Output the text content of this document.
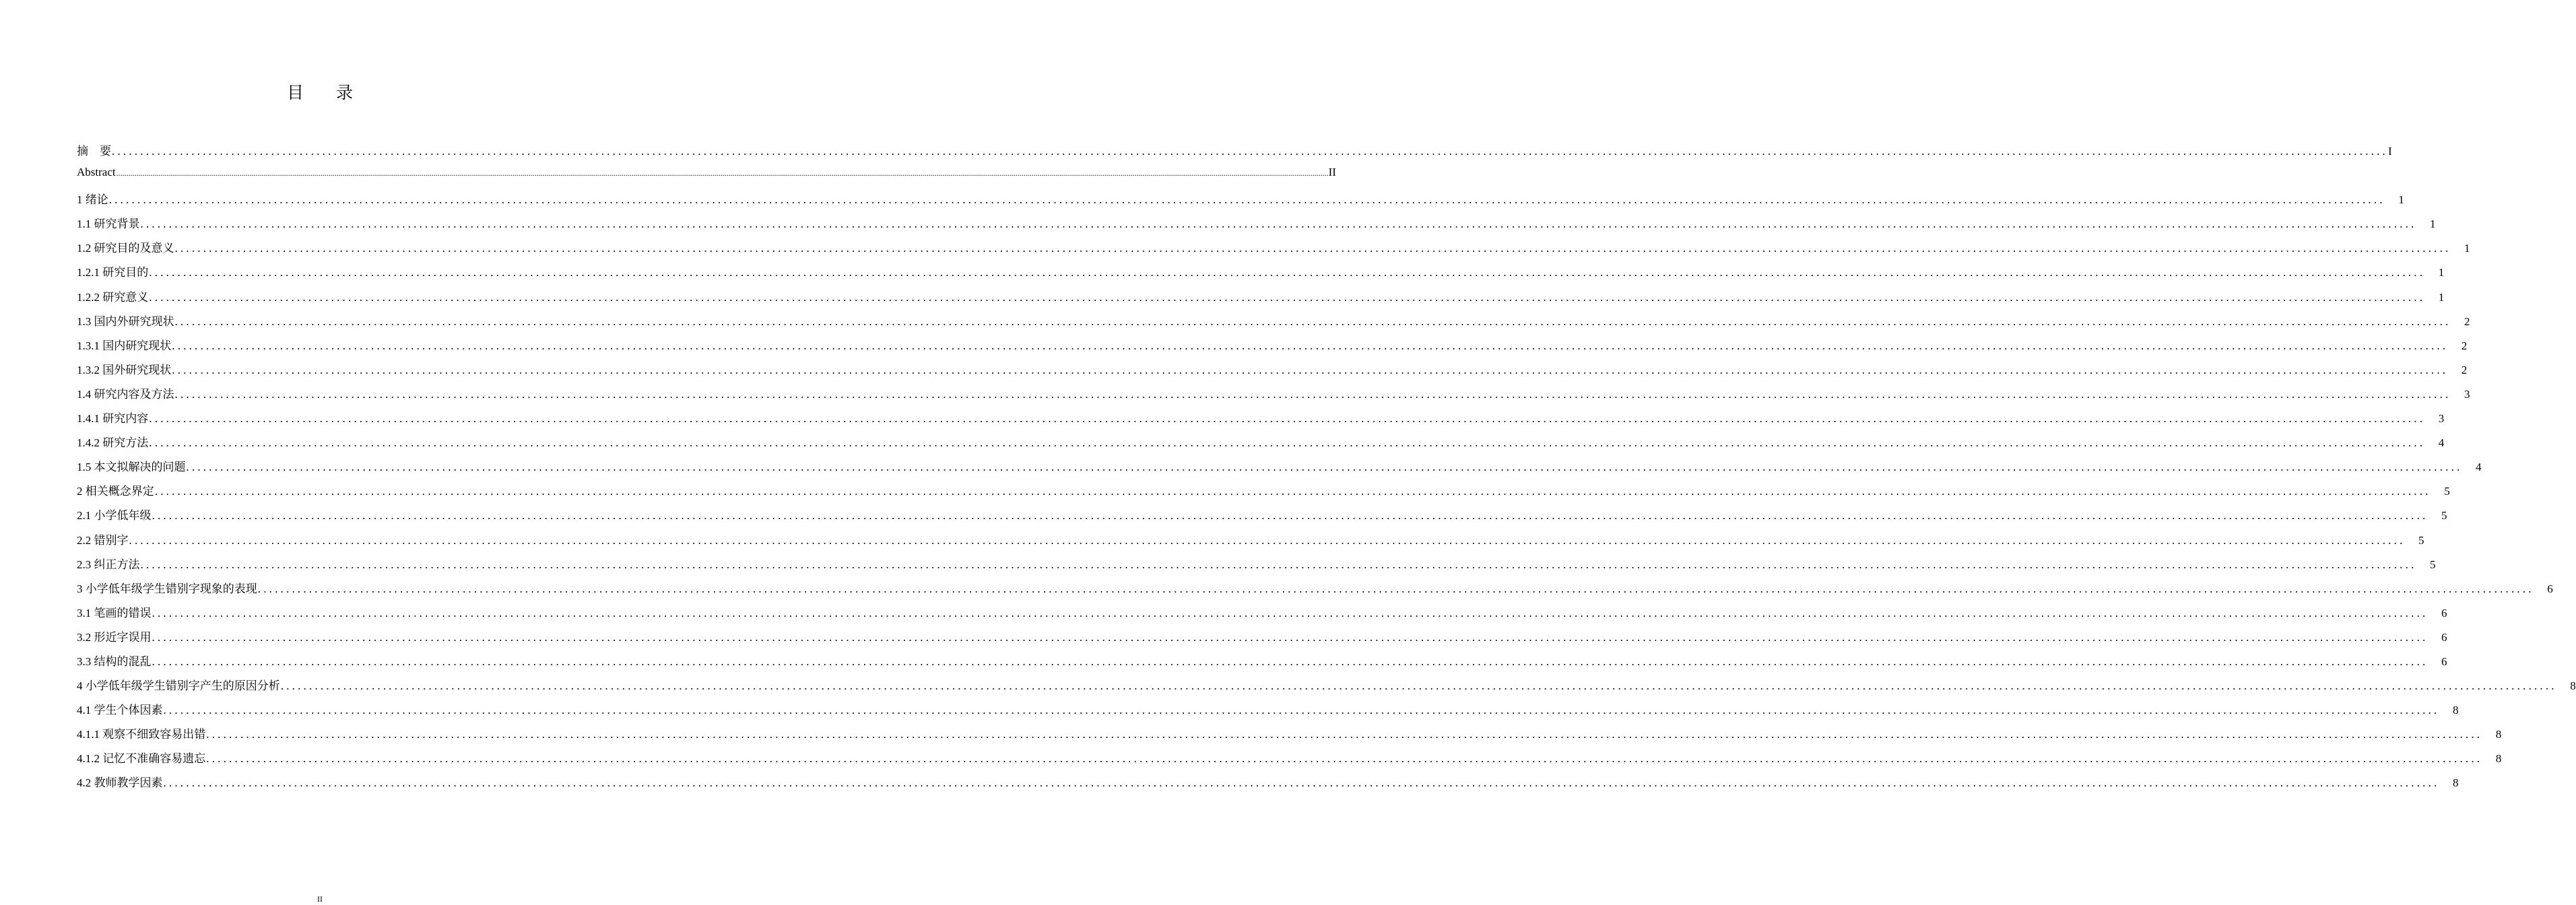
目 录
摘　要 ................................................................................................................................................................................................................................................................................................................................................................................................................ I
Abstract ........................................................................................................................................................................................................................................................................................................................................................................................................................................................................................................................................................................................................................ II
1 绪论 ................................................................................................................................................................................................................................................................................................................................................................................................................	1
1.1 研究背景 ................................................................................................................................................................................................................................................................................................................................................................................................................	1
1.2 研究目的及意义 ................................................................................................................................................................................................................................................................................................................................................................................................................	1
1.2.1 研究目的 ................................................................................................................................................................................................................................................................................................................................................................................................................	1
1.2.2 研究意义 ................................................................................................................................................................................................................................................................................................................................................................................................................	1
1.3 国内外研究现状 ................................................................................................................................................................................................................................................................................................................................................................................................................	2
1.3.1 国内研究现状 ................................................................................................................................................................................................................................................................................................................................................................................................................	2
1.3.2 国外研究现状 ................................................................................................................................................................................................................................................................................................................................................................................................................	2
1.4 研究内容及方法 ................................................................................................................................................................................................................................................................................................................................................................................................................	3
1.4.1 研究内容 ................................................................................................................................................................................................................................................................................................................................................................................................................	3
1.4.2 研究方法 ................................................................................................................................................................................................................................................................................................................................................................................................................	4
1.5 本文拟解决的问题 ................................................................................................................................................................................................................................................................................................................................................................................................................	4
2 相关概念界定 ................................................................................................................................................................................................................................................................................................................................................................................................................	5
2.1 小学低年级 ................................................................................................................................................................................................................................................................................................................................................................................................................	5
2.2 错别字 ................................................................................................................................................................................................................................................................................................................................................................................................................	5
2.3 纠正方法 ................................................................................................................................................................................................................................................................................................................................................................................................................	5
3 小学低年级学生错别字现象的表现 ................................................................................................................................................................................................................................................................................................................................................................................................................	6
3.1 笔画的错误 ................................................................................................................................................................................................................................................................................................................................................................................................................	6
3.2 形近字误用 ................................................................................................................................................................................................................................................................................................................................................................................................................	6
3.3 结构的混乱 ................................................................................................................................................................................................................................................................................................................................................................................................................	6
4 小学低年级学生错别字产生的原因分析 ................................................................................................................................................................................................................................................................................................................................................................................................................	8
4.1 学生个体因素 ................................................................................................................................................................................................................................................................................................................................................................................................................	8
4.1.1 观察不细致容易出错 ................................................................................................................................................................................................................................................................................................................................................................................................................	8
4.1.2 记忆不准确容易遗忘 ................................................................................................................................................................................................................................................................................................................................................................................................................	8
4.2 教师教学因素 ................................................................................................................................................................................................................................................................................................................................................................................................................	8
II
